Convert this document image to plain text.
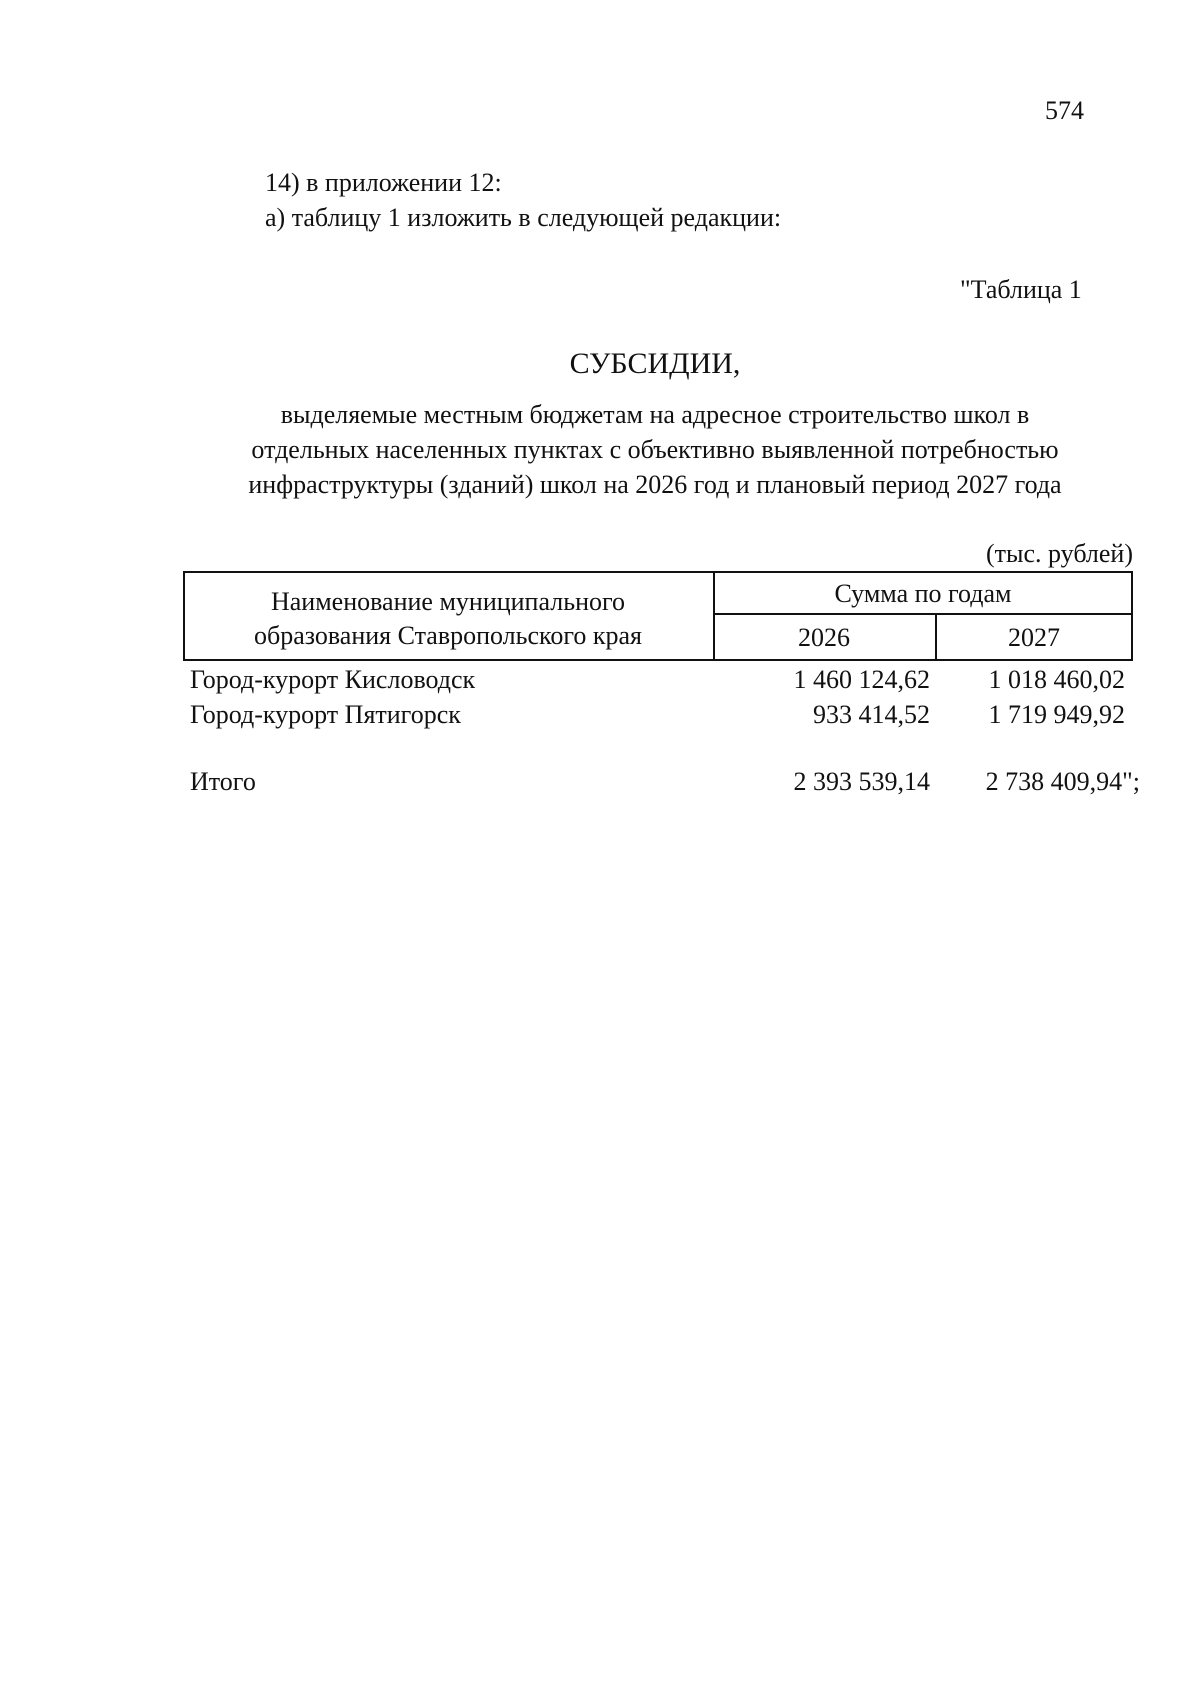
574
14) в приложении 12:
а) таблицу 1 изложить в следующей редакции:
"Таблица 1
СУБСИДИИ,
выделяемые местным бюджетам на адресное строительство школ в
отдельных населенных пунктах с объективно выявленной потребностью
инфраструктуры (зданий) школ на 2026 год и плановый период 2027 года
(тыс. рублей)
Наименование муниципального
образования Ставропольского края
Сумма по годам
2026	2027
Город-курорт Кисловодск	1 460 124,62	1 018 460,02
Город-курорт Пятигорск	933 414,52	1 719 949,92
Итого	2 393 539,14	2 738 409,94";
